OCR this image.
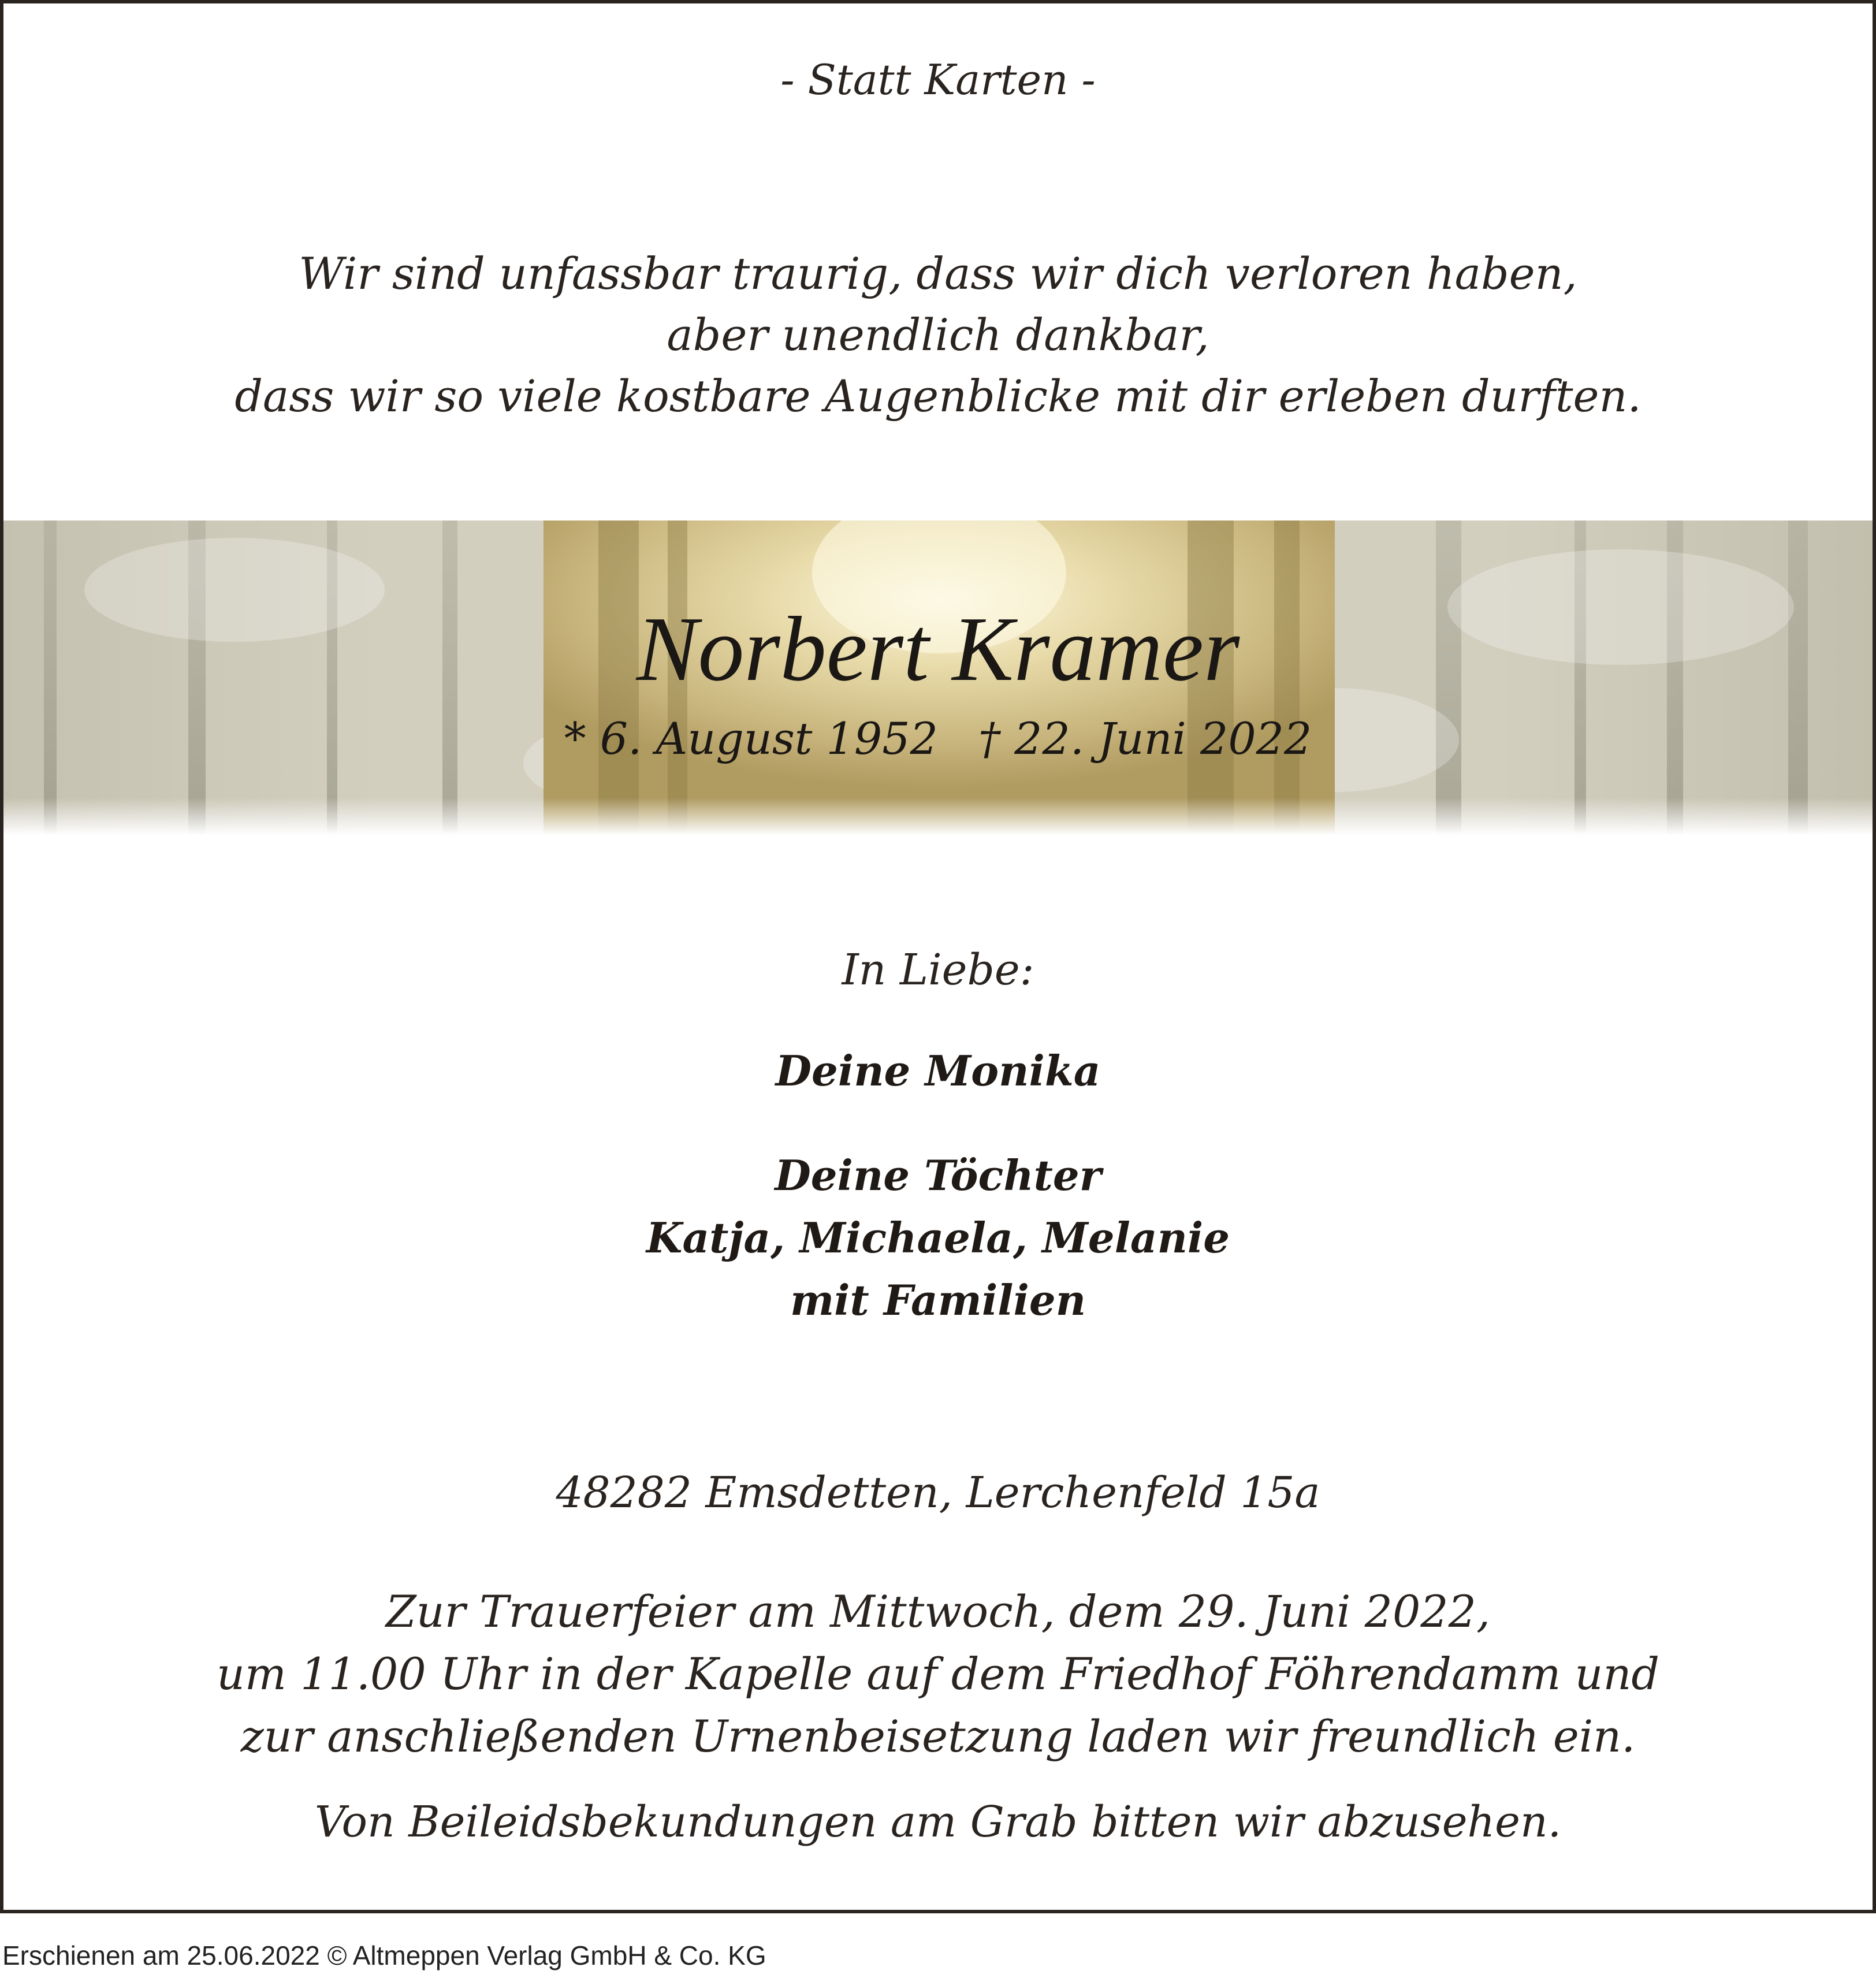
- Statt Karten -
Wir sind unfassbar traurig, dass wir dich verloren haben,
aber unendlich dankbar,
dass wir so viele kostbare Augenblicke mit dir erleben durften.
Norbert Kramer
* 6. August 1952 † 22. Juni 2022
In Liebe:
Deine Monika
Deine Töchter
Katja, Michaela, Melanie
mit Familien
48282 Emsdetten, Lerchenfeld 15a
Zur Trauerfeier am Mittwoch, dem 29. Juni 2022,
um 11.00 Uhr in der Kapelle auf dem Friedhof Föhrendamm und
zur anschließenden Urnenbeisetzung laden wir freundlich ein.
Von Beileidsbekundungen am Grab bitten wir abzusehen.
Erschienen am 25.06.2022 © Altmeppen Verlag GmbH & Co. KG
